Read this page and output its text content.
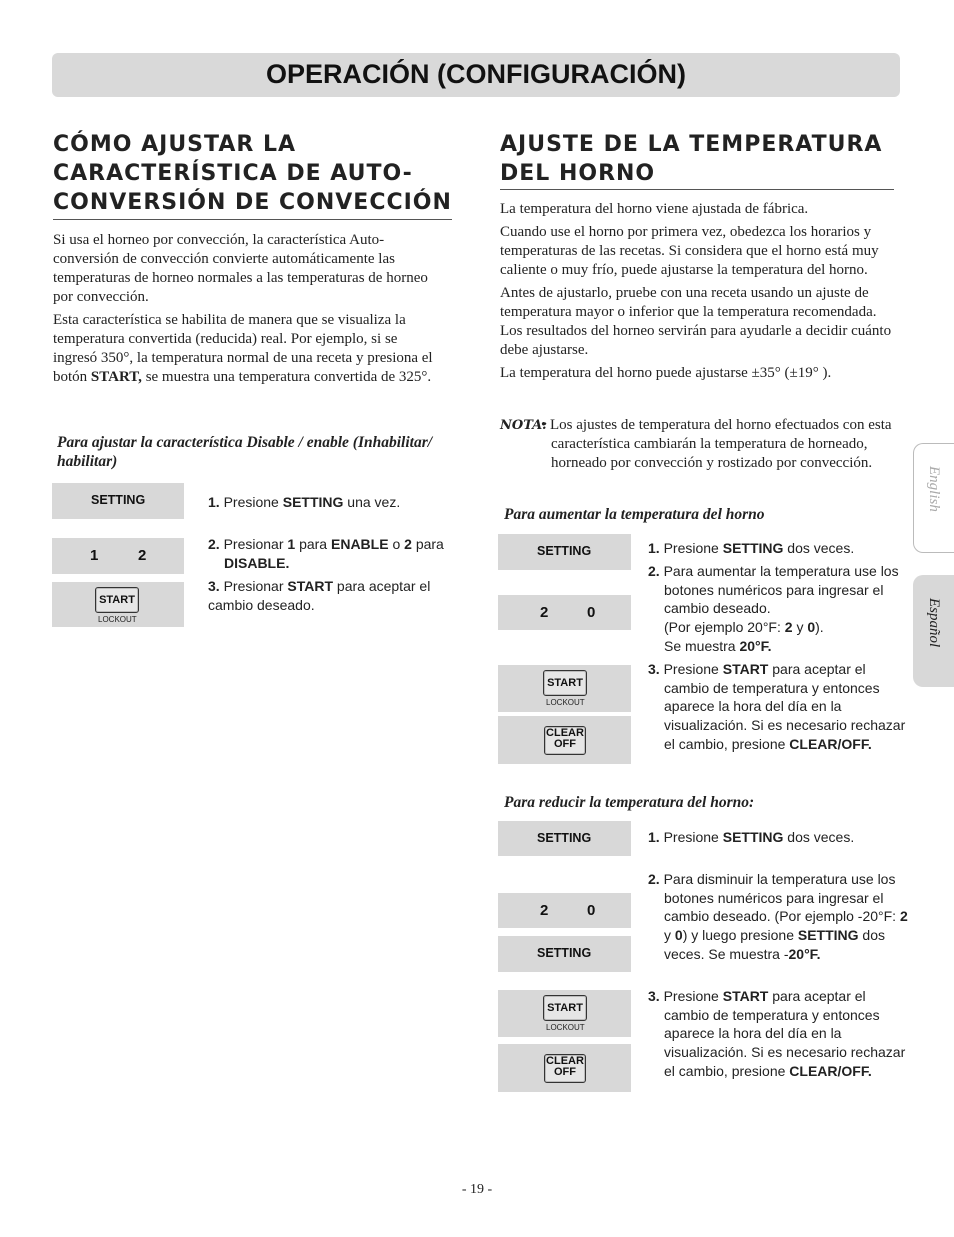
OPERACIÓN (CONFIGURACIÓN)
CÓMO AJUSTAR LA
CARACTERÍSTICA DE AUTO-
CONVERSIÓN DE CONVECCIÓN

Si usa el horneo por convección, la característica Auto-conversión de convección convierte automáticamente las temperaturas de horneo normales a las temperaturas de horneo por convección.

Esta característica se habilita de manera que se visualiza la temperatura convertida (reducida) real. Por ejemplo, si se ingresó 350°, la temperatura normal de una receta y presiona el botón START, se muestra una temperatura convertida de 325°.

Para ajustar la característica Disable / enable (Inhabilitar/ habilitar)
SETTING
1	2
START
LOCKOUT
1. Presione SETTING una vez.
2. Presionar 1 para ENABLE o 2 para
DISABLE.
3. Presionar START para aceptar el cambio deseado.
AJUSTE DE LA TEMPERATURA
DEL HORNO

La temperatura del horno viene ajustada de fábrica.

Cuando use el horno por primera vez, obedezca los horarios y temperaturas de las recetas. Si considera que el horno está muy caliente o muy frío, puede ajustarse la temperatura del horno.

Antes de ajustarlo, pruebe con una receta usando un ajuste de temperatura mayor o inferior que la temperatura recomendada. Los resultados del horneo servirán para ayudarle a decidir cuánto debe ajustarse.

La temperatura del horno puede ajustarse ±35° (±19° ).

NOTA:
• Los ajustes de temperatura del horno efectuados con esta característica cambiarán la temperatura de horneado, horneado por convección y rostizado por convección.
Para aumentar la temperatura del horno
SETTING
2	0
START
LOCKOUT
CLEAR
OFF
1. Presione SETTING dos veces.
2. Para aumentar la temperatura use los botones numéricos para ingresar el cambio deseado.
(Por ejemplo 20°F: 2 y 0).
Se muestra 20°F.
3. Presione START para aceptar el cambio de temperatura y entonces aparece la hora del día en la visualización. Si es necesario rechazar el cambio, presione CLEAR/OFF.
Para reducir la temperatura del horno:
SETTING
2	0
SETTING
START
LOCKOUT
CLEAR
OFF
1. Presione SETTING dos veces.
2. Para disminuir la temperatura use los botones numéricos para ingresar el cambio deseado. (Por ejemplo -20°F: 2 y 0) y luego presione SETTING dos veces. Se muestra -20°F.
3. Presione START para aceptar el cambio de temperatura y entonces aparece la hora del día en la visualización. Si es necesario rechazar el cambio, presione CLEAR/OFF.
English
Español
- 19 -
